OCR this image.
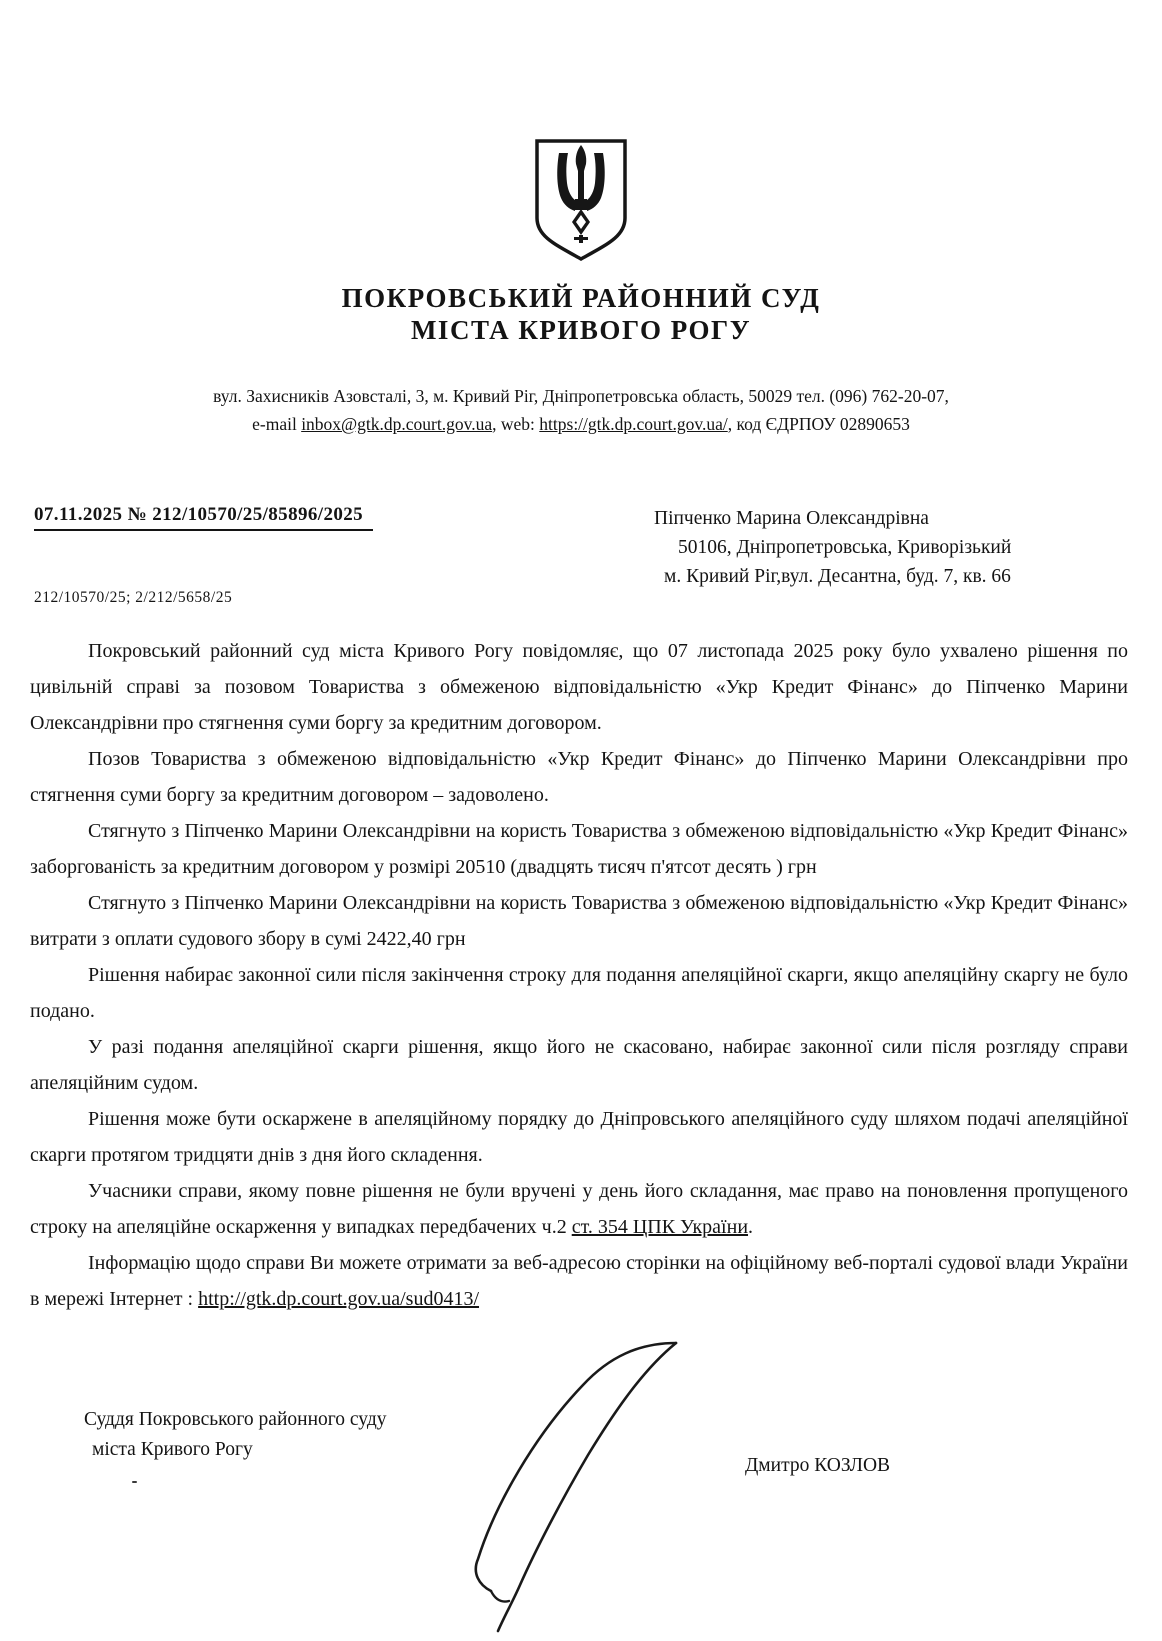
ПОКРОВСЬКИЙ РАЙОННИЙ СУД
МІСТА КРИВОГО РОГУ
вул. Захисників Азовсталі, 3, м. Кривий Ріг, Дніпропетровська область, 50029 тел. (096) 762-20-07,
e-mail inbox@gtk.dp.court.gov.ua, web: https://gtk.dp.court.gov.ua/, код ЄДРПОУ 02890653
07.11.2025 № 212/10570/25/85896/2025
212/10570/25; 2/212/5658/25
Піпченко Марина Олександрівна
50106, Дніпропетровська, Криворізький
м. Кривий Ріг,вул. Десантна, буд. 7, кв. 66

Покровський районний суд міста Кривого Рогу повідомляє, що 07 листопада 2025 року було ухвалено рішення по цивільній справі за позовом Товариства з обмеженою відповідальністю «Укр Кредит Фінанс» до Піпченко Марини Олександрівни про стягнення суми боргу за кредитним договором.

Позов Товариства з обмеженою відповідальністю «Укр Кредит Фінанс» до Піпченко Марини Олександрівни про стягнення суми боргу за кредитним договором – задоволено.

Стягнуто з Піпченко Марини Олександрівни на користь Товариства з обмеженою відповідальністю «Укр Кредит Фінанс» заборгованість за кредитним договором у розмірі 20510 (двадцять тисяч п'ятсот десять ) грн

Стягнуто з Піпченко Марини Олександрівни на користь Товариства з обмеженою відповідальністю «Укр Кредит Фінанс» витрати з оплати судового збору в сумі 2422,40 грн

Рішення набирає законної сили після закінчення строку для подання апеляційної скарги, якщо апеляційну скаргу не було подано.

У разі подання апеляційної скарги рішення, якщо його не скасовано, набирає законної сили після розгляду справи апеляційним судом.

Рішення може бути оскаржене в апеляційному порядку до Дніпровського апеляційного суду шляхом подачі апеляційної скарги протягом тридцяти днів з дня його складення.

Учасники справи, якому повне рішення не були вручені у день його складання, має право на поновлення пропущеного строку на апеляційне оскарження у випадках передбачених ч.2 ст. 354 ЦПК України.

Інформацію щодо справи Ви можете отримати за веб-адресою сторінки на офіційному веб-порталі судової влади України в мережі Інтернет : http://gtk.dp.court.gov.ua/sud0413/

Суддя Покровського районного суду
міста Кривого Рогу
Дмитро КОЗЛОВ
